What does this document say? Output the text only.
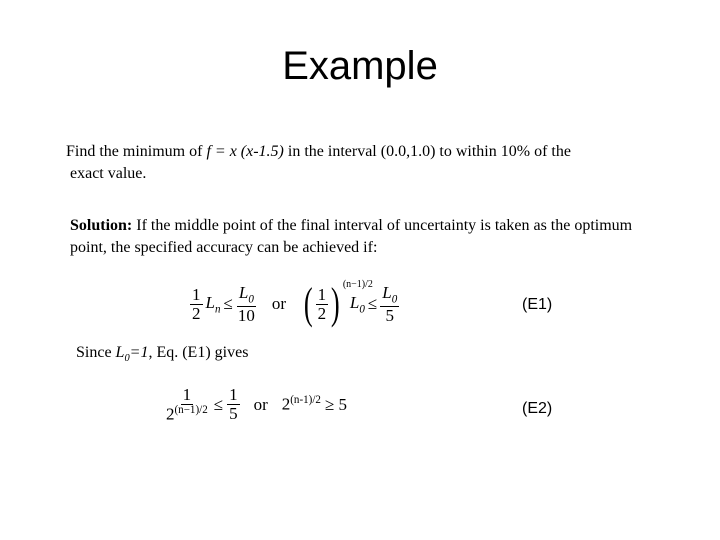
Example
Find the minimum of f = x (x-1.5) in the interval (0.0,1.0) to within 10% of the
exact value.
Solution: If the middle point of the final interval of uncertainty is taken as the optimum point, the specified accuracy can be achieved if:
$\frac{1}{2} L_n \le \frac{L_0}{10}$ or ( $\frac{1}{2}$ ) (n−1)/2
$L_0 \le \frac{L_0}{5}$	(E1)
Since $L_0=1$, Eq. (E1) gives
$\frac{1}{2^{(n-1)/2}} \le \frac{1}{5}$ or $2^{(n-1)/2} \ge 5$	(E2)
